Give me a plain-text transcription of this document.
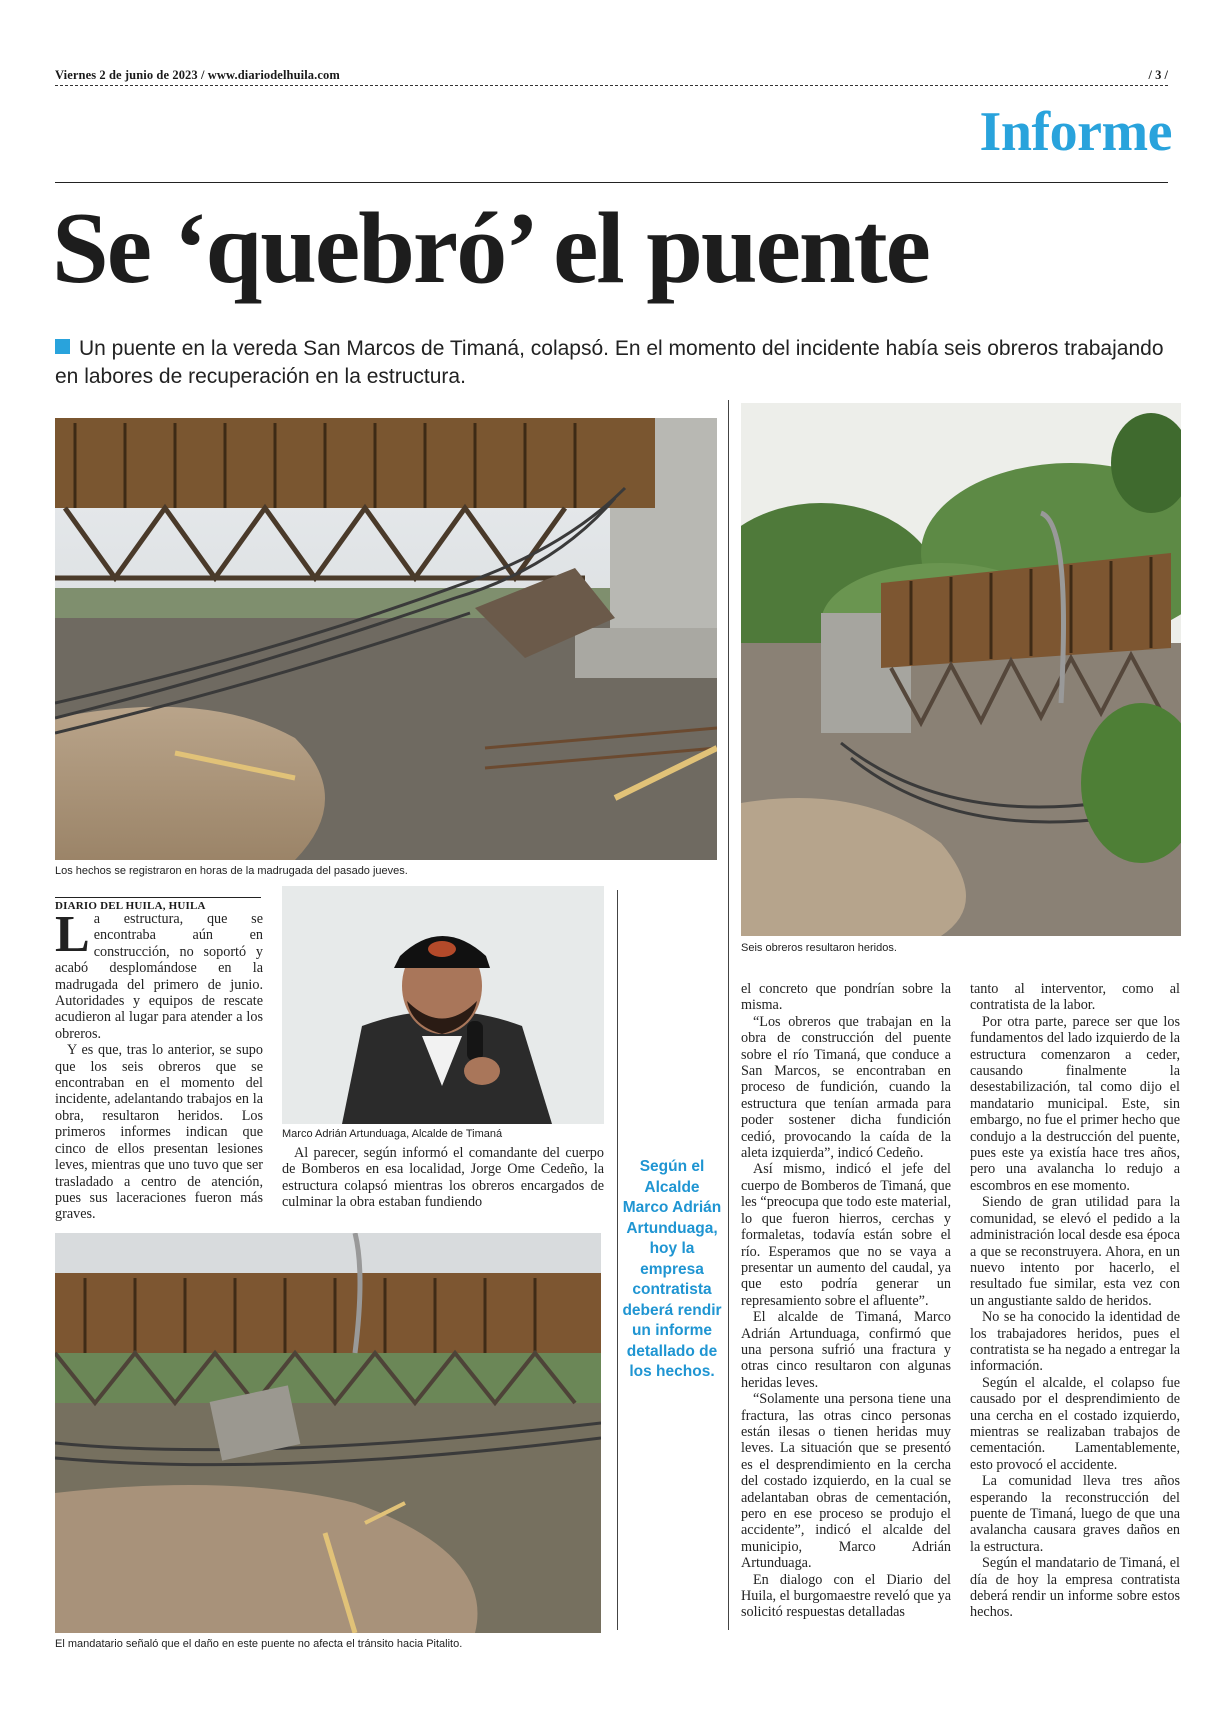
Viernes 2 de junio de 2023 / www.diariodelhuila.com	/ 3 /
Informe
Se ‘quebró’ el puente
Un puente en la vereda San Marcos de Timaná, colapsó. En el momento del incidente había seis obreros trabajando en labores de recuperación en la estructura.
Los hechos se registraron en horas de la madrugada del pasado jueves.
Seis obreros resultaron heridos.
DIARIO DEL HUILA, HUILA

La estructura, que se encontraba aún en construcción, no soportó y acabó desplomándose en la madrugada del primero de junio. Autoridades y equipos de rescate acudieron al lugar para atender a los obreros.

Y es que, tras lo anterior, se supo que los seis obreros que se encontraban en el momento del incidente, adelantando trabajos en la obra, resultaron heridos. Los primeros informes indican que cinco de ellos presentan lesiones leves, mientras que uno tuvo que ser trasladado a centro de atención, pues sus laceraciones fueron más graves.

Marco Adrián Artunduaga, Alcalde de Timaná

Al parecer, según informó el comandante del cuerpo de Bomberos en esa localidad, Jorge Ome Cedeño, la estructura colapsó mientras los obreros encargados de culminar la obra estaban fundiendo

El mandatario señaló que el daño en este puente no afecta el tránsito hacia Pitalito.
Según el Alcalde Marco Adrián Artunduaga, hoy la empresa contratista deberá rendir un informe detallado de los hechos.

el concreto que pondrían sobre la misma.

“Los obreros que trabajan en la obra de construcción del puente sobre el río Timaná, que conduce a San Marcos, se encontraban en proceso de fundición, cuando la estructura que tenían armada para poder sostener dicha fundición cedió, provocando la caída de la aleta izquierda”, indicó Cedeño.

Así mismo, indicó el jefe del cuerpo de Bomberos de Timaná, que les “preocupa que todo este material, lo que fueron hierros, cerchas y formaletas, todavía están sobre el río. Esperamos que no se vaya a presentar un aumento del caudal, ya que esto podría generar un represamiento sobre el afluente”.

El alcalde de Timaná, Marco Adrián Artunduaga, confirmó que una persona sufrió una fractura y otras cinco resultaron con algunas heridas leves.

“Solamente una persona tiene una fractura, las otras cinco personas están ilesas o tienen heridas muy leves. La situación que se presentó es el desprendimiento en la cercha del costado izquierdo, en la cual se adelantaban obras de cementación, pero en ese proceso se produjo el accidente”, indicó el alcalde del municipio, Marco Adrián Artunduaga.

En dialogo con el Diario del Huila, el burgomaestre reveló que ya solicitó respuestas detalladas

tanto al interventor, como al contratista de la labor.

Por otra parte, parece ser que los fundamentos del lado izquierdo de la estructura comenzaron a ceder, causando finalmente la desestabilización, tal como dijo el mandatario municipal. Este, sin embargo, no fue el primer hecho que condujo a la destrucción del puente, pues este ya existía hace tres años, pero una avalancha lo redujo a escombros en ese momento.

Siendo de gran utilidad para la comunidad, se elevó el pedido a la administración local desde esa época a que se reconstruyera. Ahora, en un nuevo intento por hacerlo, el resultado fue similar, esta vez con un angustiante saldo de heridos.

No se ha conocido la identidad de los trabajadores heridos, pues el contratista se ha negado a entregar la información.

Según el alcalde, el colapso fue causado por el desprendimiento de una cercha en el costado izquierdo, mientras se realizaban trabajos de cementación. Lamentablemente, esto provocó el accidente.

La comunidad lleva tres años esperando la reconstrucción del puente de Timaná, luego de que una avalancha causara graves daños en la estructura.

Según el mandatario de Timaná, el día de hoy la empresa contratista deberá rendir un informe sobre estos hechos.
